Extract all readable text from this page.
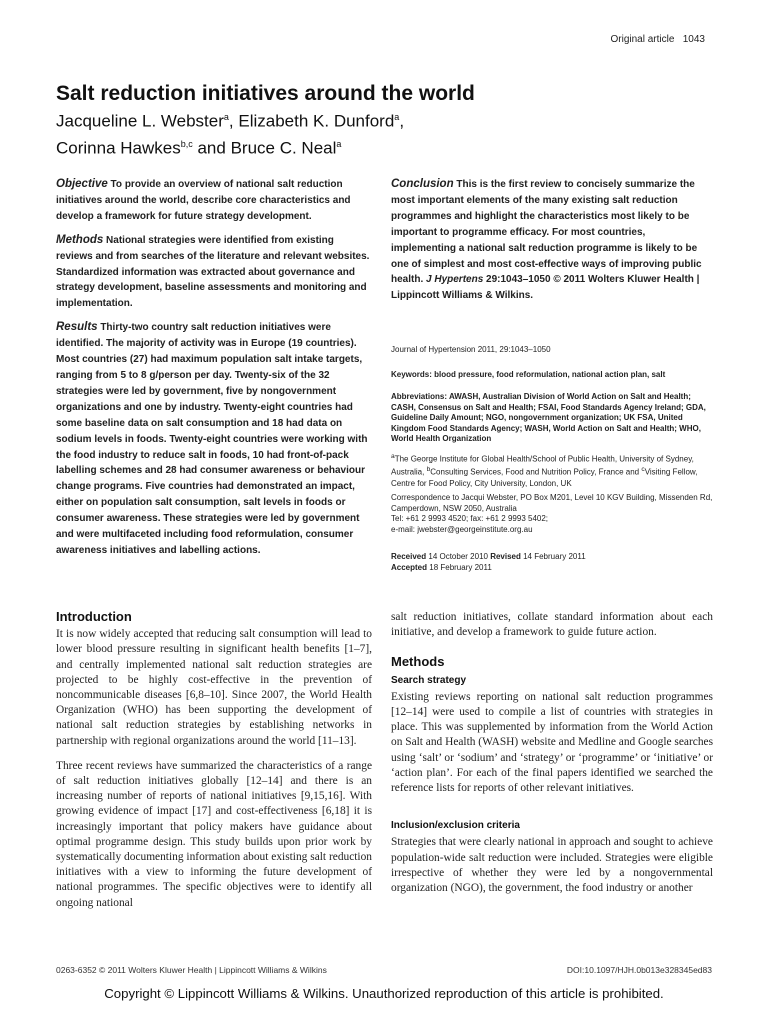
Original article 1043
Salt reduction initiatives around the world
Jacqueline L. Webster$^a$, Elizabeth K. Dunford$^a$,
Corinna Hawkes$^{b,c}$ and Bruce C. Neal$^a$

Objective To provide an overview of national salt reduction initiatives around the world, describe core characteristics and develop a framework for future strategy development.

Methods National strategies were identified from existing reviews and from searches of the literature and relevant websites. Standardized information was extracted about governance and strategy development, baseline assessments and monitoring and implementation.

Results Thirty-two country salt reduction initiatives were identified. The majority of activity was in Europe (19 countries). Most countries (27) had maximum population salt intake targets, ranging from 5 to 8 g/person per day. Twenty-six of the 32 strategies were led by government, five by nongovernment organizations and one by industry. Twenty-eight countries had some baseline data on salt consumption and 18 had data on sodium levels in foods. Twenty-eight countries were working with the food industry to reduce salt in foods, 10 had front-of-pack labelling schemes and 28 had consumer awareness or behaviour change programs. Five countries had demonstrated an impact, either on population salt consumption, salt levels in foods or consumer awareness. These strategies were led by government and were multifaceted including food reformulation, consumer awareness initiatives and labelling actions.

Conclusion This is the first review to concisely summarize the most important elements of the many existing salt reduction programmes and highlight the characteristics most likely to be important to programme efficacy. For most countries, implementing a national salt reduction programme is likely to be one of simplest and most cost-effective ways of improving public health. J Hypertens 29:1043–1050 © 2011 Wolters Kluwer Health | Lippincott Williams & Wilkins.

Journal of Hypertension 2011, 29:1043–1050

Keywords: blood pressure, food reformulation, national action plan, salt

Abbreviations: AWASH, Australian Division of World Action on Salt and Health; CASH, Consensus on Salt and Health; FSAI, Food Standards Agency Ireland; GDA, Guideline Daily Amount; NGO, nongovernment organization; UK FSA, United Kingdom Food Standards Agency; WASH, World Action on Salt and Health; WHO, World Health Organization

$^a$The George Institute for Global Health/School of Public Health, University of Sydney, Australia, $^b$Consulting Services, Food and Nutrition Policy, France and $^c$Visiting Fellow, Centre for Food Policy, City University, London, UK

Correspondence to Jacqui Webster, PO Box M201, Level 10 KGV Building, Missenden Rd, Camperdown, NSW 2050, Australia

Tel: +61 2 9993 4520; fax: +61 2 9993 5402;

e-mail: jwebster@georgeinstitute.org.au

Received 14 October 2010 Revised 14 February 2011

Accepted 18 February 2011

Introduction

It is now widely accepted that reducing salt consumption will lead to lower blood pressure resulting in significant health benefits [1–7], and centrally implemented national salt reduction strategies are projected to be highly cost-effective in the prevention of noncommunicable diseases [6,8–10]. Since 2007, the World Health Organization (WHO) has been supporting the development of national salt reduction strategies by establishing networks in partnership with regional organizations around the world [11–13].

Three recent reviews have summarized the characteristics of a range of salt reduction initiatives globally [12–14] and there is an increasing number of reports of national initiatives [9,15,16]. With growing evidence of impact [17] and cost-effectiveness [6,18] it is increasingly important that policy makers have guidance about optimal programme design. This study builds upon prior work by systematically documenting information about existing salt reduction initiatives with a view to informing the future development of national programmes. The specific objectives were to identify all ongoing national

salt reduction initiatives, collate standard information about each initiative, and develop a framework to guide future action.

Methods
Search strategy

Existing reviews reporting on national salt reduction programmes [12–14] were used to compile a list of countries with strategies in place. This was supplemented by information from the World Action on Salt and Health (WASH) website and Medline and Google searches using ‘salt’ or ‘sodium’ and ‘strategy’ or ‘programme’ or ‘initiative’ or ‘action plan’. For each of the final papers identified we searched the reference lists for reports of other relevant initiatives.

Inclusion/exclusion criteria

Strategies that were clearly national in approach and sought to achieve population-wide salt reduction were included. Strategies were eligible irrespective of whether they were led by a nongovernmental organization (NGO), the government, the food industry or another

0263-6352 © 2011 Wolters Kluwer Health | Lippincott Williams & Wilkins	DOI:10.1097/HJH.0b013e328345ed83
Copyright © Lippincott Williams & Wilkins. Unauthorized reproduction of this article is prohibited.
